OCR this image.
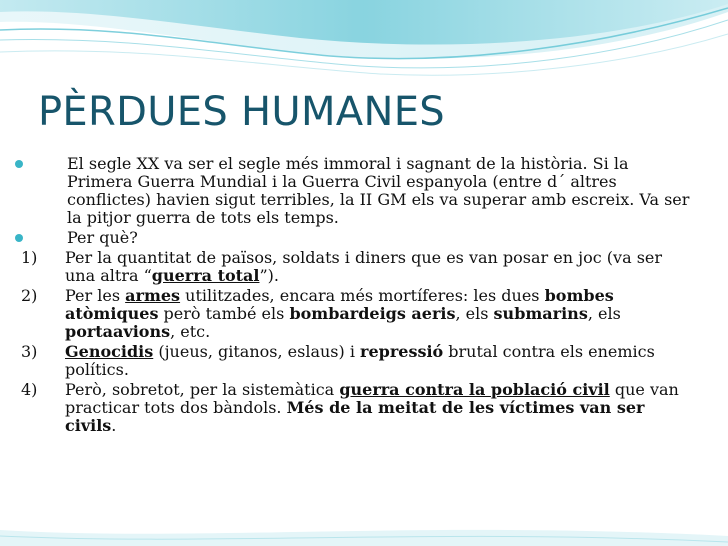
PÈRDUES HUMANES

El segle XX va ser el segle més immoral i sagnant de la història. Si la Primera Guerra Mundial i la Guerra Civil espanyola (entre d´ altres conflictes) havien sigut terribles, la II GM els va superar amb escreix. Va ser la pitjor guerra de tots els temps.

Per què?

1) Per la quantitat de països, soldats i diners que es van posar en joc (va ser una altra “guerra total”).

2) Per les armes utilitzades, encara més mortíferes: les dues bombes atòmiques però també els bombardeigs aeris, els submarins, els portaavions, etc.

3) Genocidis (jueus, gitanos, eslaus) i repressió brutal contra els enemics polítics.

4) Però, sobretot, per la sistemàtica guerra contra la població civil que van practicar tots dos bàndols. Més de la meitat de les víctimes van ser civils.
